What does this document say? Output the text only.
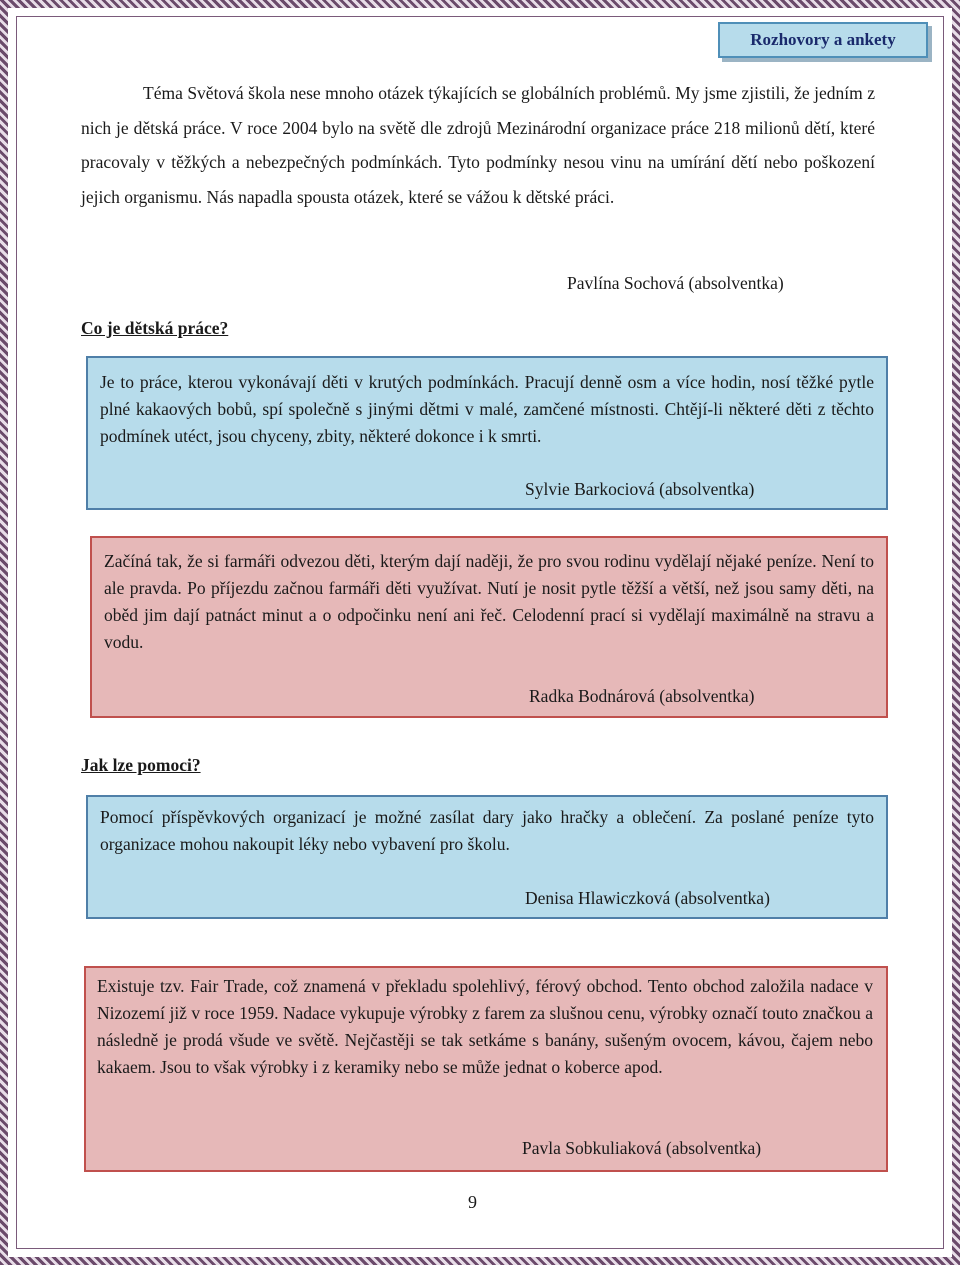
Rozhovory a ankety
Téma Světová škola nese mnoho otázek týkajících se globálních problémů. My jsme zjistili, že jedním z nich je dětská práce. V roce 2004 bylo na světě dle zdrojů Mezinárodní organizace práce 218 milionů dětí, které pracovaly v těžkých a nebezpečných podmínkách. Tyto podmínky nesou vinu na umírání dětí nebo poškození jejich organismu. Nás napadla spousta otázek, které se vážou k dětské práci.
Pavlína Sochová (absolventka)
Co je dětská práce?
Je to práce, kterou vykonávají děti v krutých podmínkách. Pracují denně osm a více hodin, nosí těžké pytle plné kakaových bobů, spí společně s jinými dětmi v malé, zamčené místnosti. Chtějí-li některé děti z těchto podmínek utéct, jsou chyceny, zbity, některé dokonce i k smrti.
Sylvie Barkociová (absolventka)
Začíná tak, že si farmáři odvezou děti, kterým dají naději, že pro svou rodinu vydělají nějaké peníze. Není to ale pravda. Po příjezdu začnou farmáři děti využívat. Nutí je nosit pytle těžší a větší, než jsou samy děti, na oběd jim dají patnáct minut a o odpočinku není ani řeč. Celodenní prací si vydělají maximálně na stravu a vodu.
Radka Bodnárová (absolventka)
Jak lze pomoci?
Pomocí příspěvkových organizací je možné zasílat dary jako hračky a oblečení. Za poslané peníze tyto organizace mohou nakoupit léky nebo vybavení pro školu.
Denisa Hlawiczková (absolventka)
Existuje tzv. Fair Trade, což znamená v překladu spolehlivý, férový obchod. Tento obchod založila nadace v Nizozemí již v roce 1959. Nadace vykupuje výrobky z farem za slušnou cenu, výrobky označí touto značkou a následně je prodá všude ve světě. Nejčastěji se tak setkáme s banány, sušeným ovocem, kávou, čajem nebo kakaem. Jsou to však výrobky i z keramiky nebo se může jednat o koberce apod.
Pavla Sobkuliaková (absolventka)
9
